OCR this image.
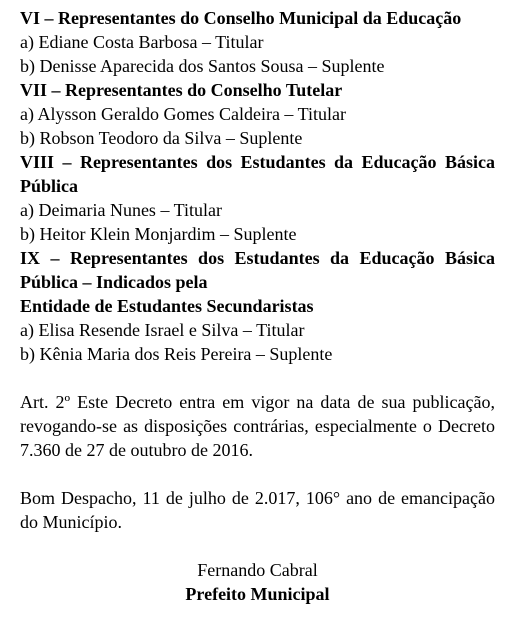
VI – Representantes do Conselho Municipal da Educação
a) Ediane Costa Barbosa – Titular
b) Denisse Aparecida dos Santos Sousa – Suplente
VII – Representantes do Conselho Tutelar
a) Alysson Geraldo Gomes Caldeira – Titular
b) Robson Teodoro da Silva – Suplente
VIII – Representantes dos Estudantes da Educação Básica Pública
a) Deimaria Nunes – Titular
b) Heitor Klein Monjardim – Suplente
IX – Representantes dos Estudantes da Educação Básica Pública – Indicados pela
Entidade de Estudantes Secundaristas
a) Elisa Resende Israel e Silva – Titular
b) Kênia Maria dos Reis Pereira – Suplente
Art. 2º Este Decreto entra em vigor na data de sua publicação, revogando-se as disposições contrárias, especialmente o Decreto 7.360 de 27 de outubro de 2016.
Bom Despacho, 11 de julho de 2.017, 106° ano de emancipação do Município.
Fernando Cabral
Prefeito Municipal
